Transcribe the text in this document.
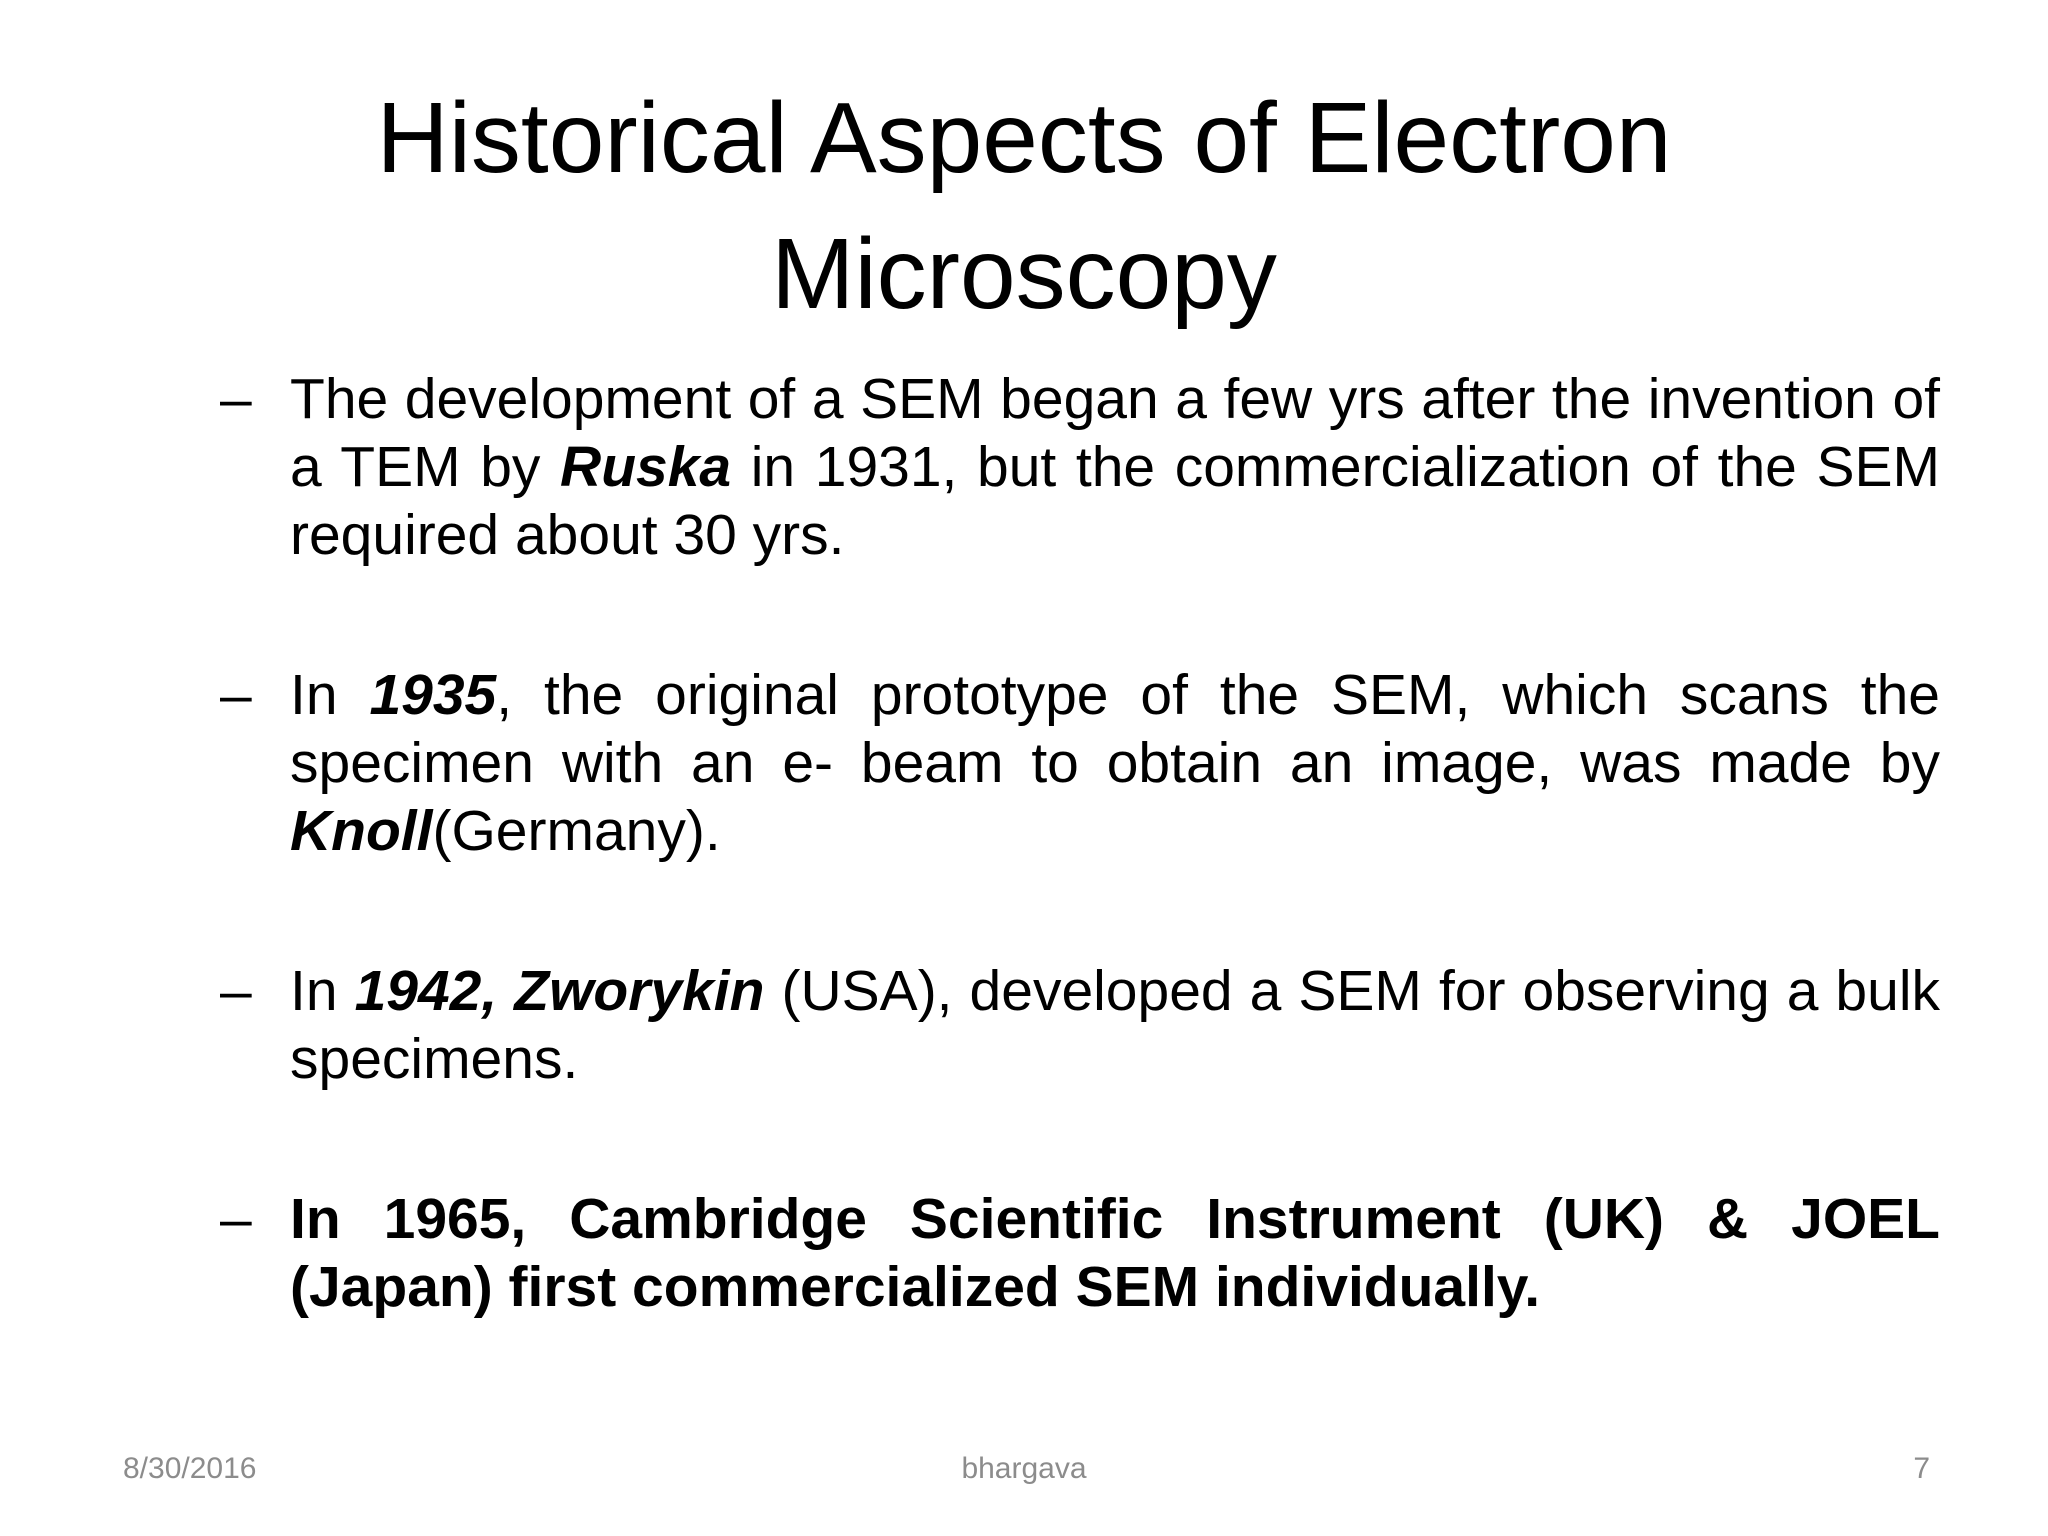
Historical Aspects of Electron
Microscopy
– The development of a SEM began a few yrs after the invention of a TEM by Ruska in 1931, but the commercialization of the SEM required about 30 yrs.
– In 1935, the original prototype of the SEM, which scans the specimen with an e- beam to obtain an image, was made by Knoll(Germany).
– In 1942, Zworykin (USA), developed a SEM for observing a bulk specimens.
– In 1965, Cambridge Scientific Instrument (UK) & JOEL (Japan) first commercialized SEM individually.
8/30/2016	bhargava	7
